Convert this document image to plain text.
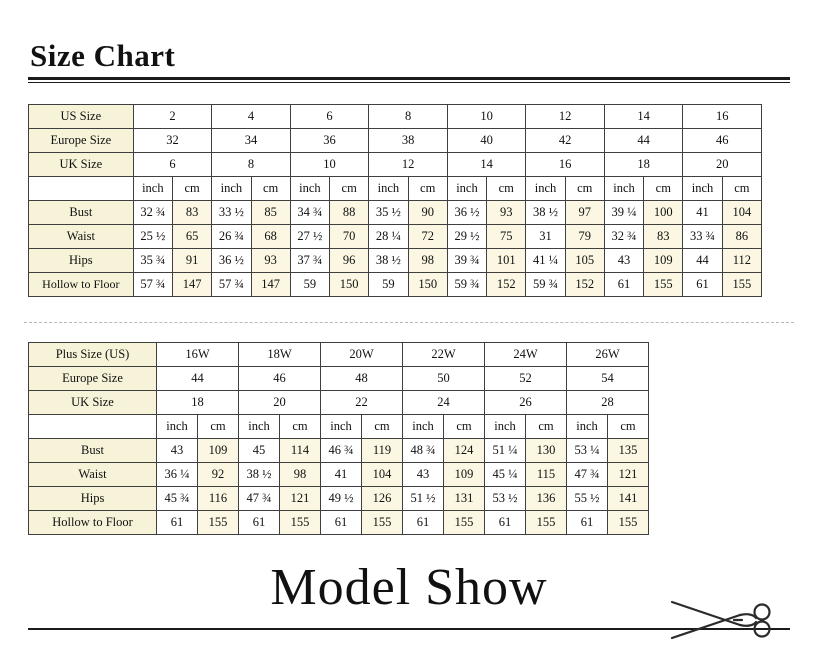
Size Chart
US Size	2		4		6		8		10		12		14		16	
Europe Size	32		34		36		38		40		42		44		46	
UK Size	6		8		10		12		14		16		18		20	
	inch	cm	inch	cm	inch	cm	inch	cm	inch	cm	inch	cm	inch	cm	inch	cm
Bust	32 ¾	83	33 ½	85	34 ¾	88	35 ½	90	36 ½	93	38 ½	97	39 ¼	100	41	104
Waist	25 ½	65	26 ¾	68	27 ½	70	28 ¼	72	29 ½	75	31	79	32 ¾	83	33 ¾	86
Hips	35 ¾	91	36 ½	93	37 ¾	96	38 ½	98	39 ¾	101	41 ¼	105	43	109	44	112
Hollow to Floor	57 ¾	147	57 ¾	147	59	150	59	150	59 ¾	152	59 ¾	152	61	155	61	155
Plus Size (US)	16W		18W		20W		22W		24W		26W	
Europe Size	44		46		48		50		52		54	
UK Size	18		20		22		24		26		28	
	inch	cm	inch	cm	inch	cm	inch	cm	inch	cm	inch	cm
Bust	43	109	45	114	46 ¾	119	48 ¾	124	51 ¼	130	53 ¼	135
Waist	36 ¼	92	38 ½	98	41	104	43	109	45 ¼	115	47 ¾	121
Hips	45 ¾	116	47 ¾	121	49 ½	126	51 ½	131	53 ½	136	55 ½	141
Hollow to Floor	61	155	61	155	61	155	61	155	61	155	61	155
Model Show
